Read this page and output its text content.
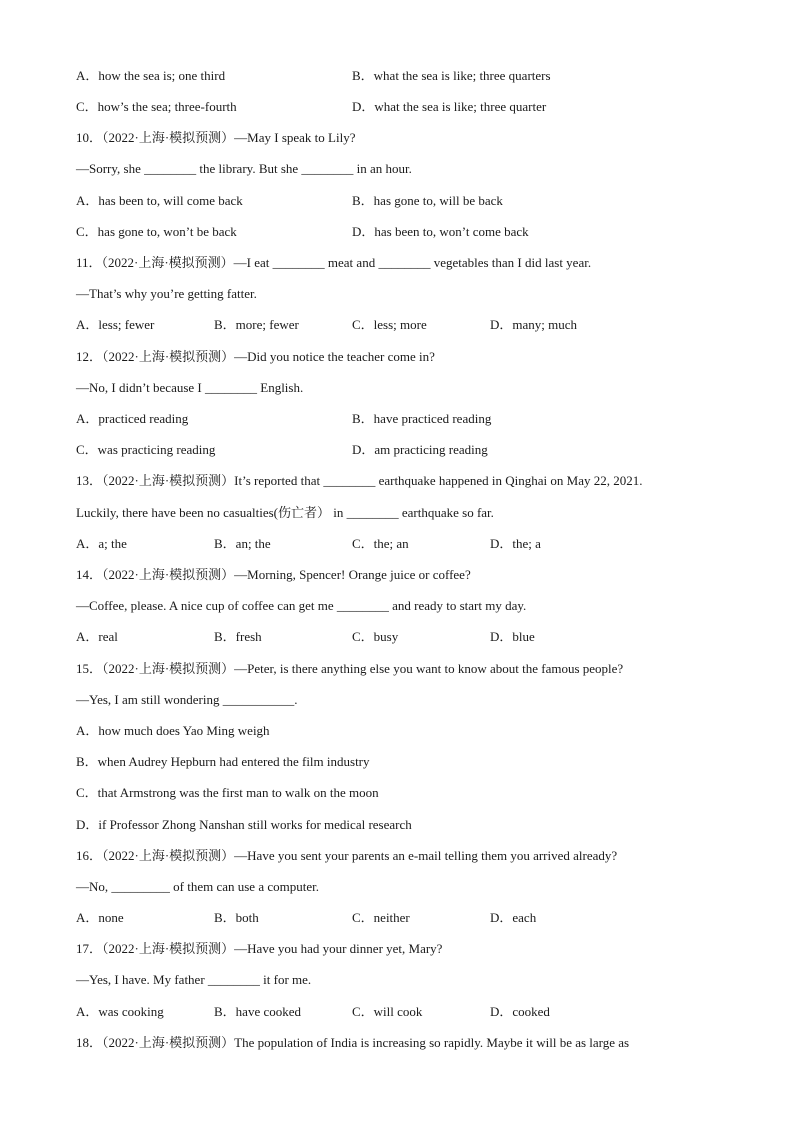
A．how the sea is; one third	B．what the sea is like; three quarters
C．how’s the sea; three-fourth	D．what the sea is like; three quarter
10．（2022·上海·模拟预测）—May I speak to Lily?
—Sorry, she ________ the library. But she ________ in an hour.
A．has been to, will come back	B．has gone to, will be back
C．has gone to, won’t be back	D．has been to, won’t come back
11．（2022·上海·模拟预测）—I eat ________ meat and ________ vegetables than I did last year.
—That’s why you’re getting fatter.
A．less; fewer	B．more; fewer	C．less; more	D．many; much
12．（2022·上海·模拟预测）—Did you notice the teacher come in?
—No, I didn’t because I ________ English.
A．practiced reading	B．have practiced reading
C．was practicing reading	D．am practicing reading
13．（2022·上海·模拟预测）It’s reported that ________ earthquake happened in Qinghai on May 22, 2021.
Luckily, there have been no casualties(伤亡者） in ________ earthquake so far.
A．a; the	B．an; the	C．the; an	D．the; a
14．（2022·上海·模拟预测）—Morning, Spencer! Orange juice or coffee?
—Coffee, please. A nice cup of coffee can get me ________ and ready to start my day.
A．real	B．fresh	C．busy	D．blue
15．（2022·上海·模拟预测）—Peter, is there anything else you want to know about the famous people?
—Yes, I am still wondering ___________.
A．how much does Yao Ming weigh
B．when Audrey Hepburn had entered the film industry
C．that Armstrong was the first man to walk on the moon
D．if Professor Zhong Nanshan still works for medical research
16．（2022·上海·模拟预测）—Have you sent your parents an e-mail telling them you arrived already?
—No, _________ of them can use a computer.
A．none	B．both	C．neither	D．each
17．（2022·上海·模拟预测）—Have you had your dinner yet, Mary?
—Yes, I have. My father ________ it for me.
A．was cooking	B．have cooked	C．will cook	D．cooked
18．（2022·上海·模拟预测）The population of India is increasing so rapidly. Maybe it will be as large as
